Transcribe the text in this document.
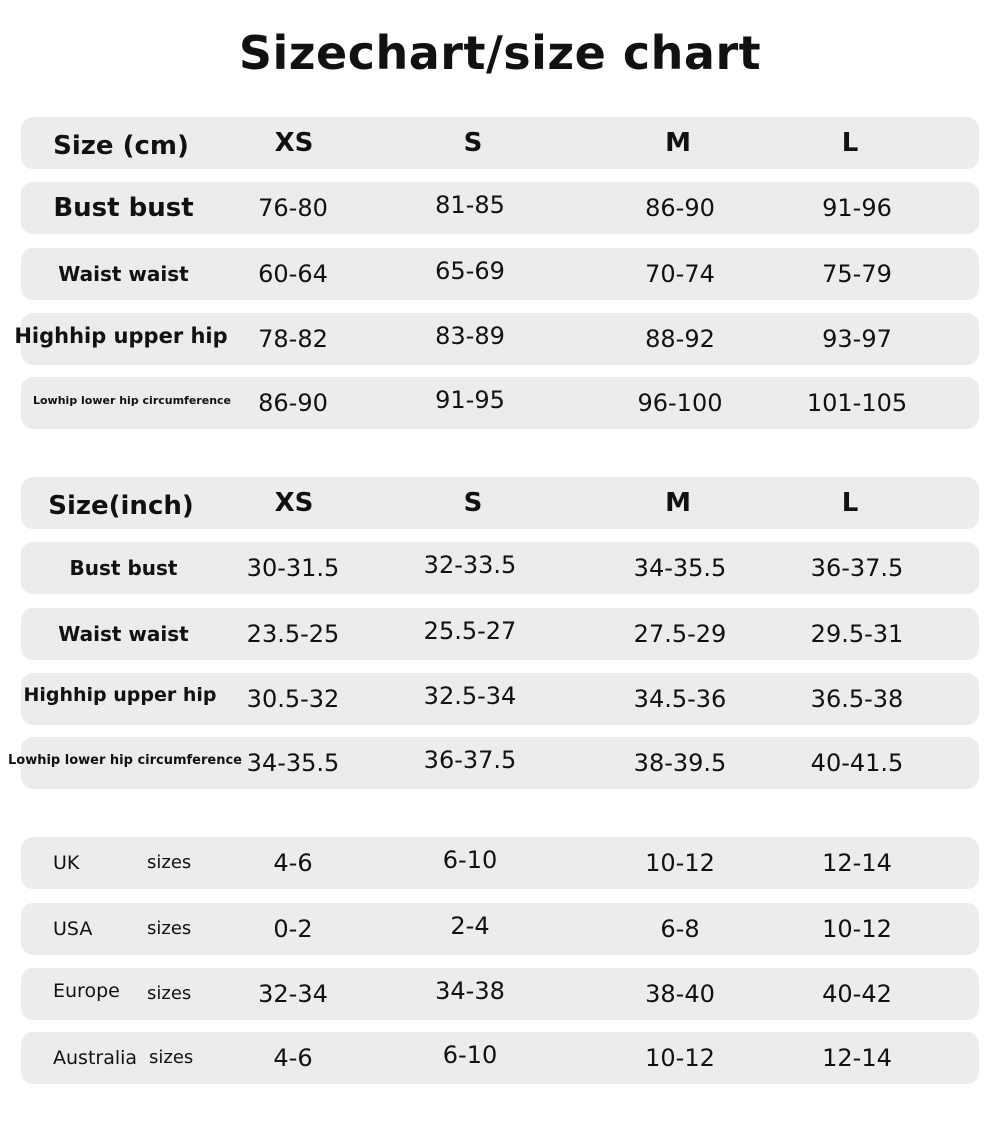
Sizechart/size chart
Size (cm)	XS	S	M	L
Bust bust	76-80	81-85	86-90	91-96
Waist waist	60-64	65-69	70-74	75-79
Highhip upper hip	78-82	83-89	88-92	93-97
Lowhip lower hip circumference	86-90	91-95	96-100	101-105
Size(inch)	XS	S	M	L
Bust bust	30-31.5	32-33.5	34-35.5	36-37.5
Waist waist	23.5-25	25.5-27	27.5-29	29.5-31
Highhip upper hip	30.5-32	32.5-34	34.5-36	36.5-38
Lowhip lower hip circumference 34-35.5	36-37.5	38-39.5	40-41.5
UK	sizes	4-6	6-10	10-12	12-14
USA	sizes	0-2	2-4	6-8	10-12
Europe	sizes	32-34	34-38	38-40	40-42
Australia sizes	4-6	6-10	10-12	12-14
